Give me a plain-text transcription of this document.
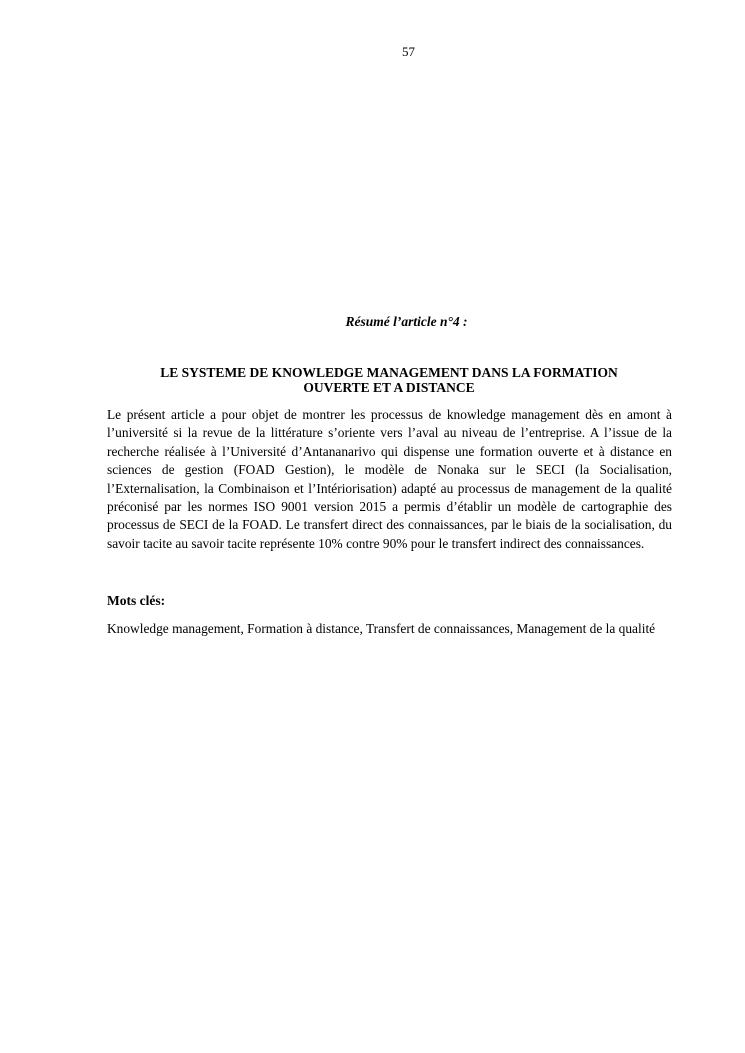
57
Résumé l’article n°4 :
LE SYSTEME DE KNOWLEDGE MANAGEMENT DANS LA FORMATION
OUVERTE ET A DISTANCE

Le présent article a pour objet de montrer les processus de knowledge management dès en amont à l’université si la revue de la littérature s’oriente vers l’aval au niveau de l’entreprise. A l’issue de la recherche réalisée à l’Université d’Antananarivo qui dispense une formation ouverte et à distance en sciences de gestion (FOAD Gestion), le modèle de Nonaka sur le SECI (la Socialisation, l’Externalisation, la Combinaison et l’Intériorisation) adapté au processus de management de la qualité préconisé par les normes ISO 9001 version 2015 a permis d’établir un modèle de cartographie des processus de SECI de la FOAD. Le transfert direct des connaissances, par le biais de la socialisation, du savoir tacite au savoir tacite représente 10% contre 90% pour le transfert indirect des connaissances.

Mots clés:

Knowledge management, Formation à distance, Transfert de connaissances, Management de la qualité
